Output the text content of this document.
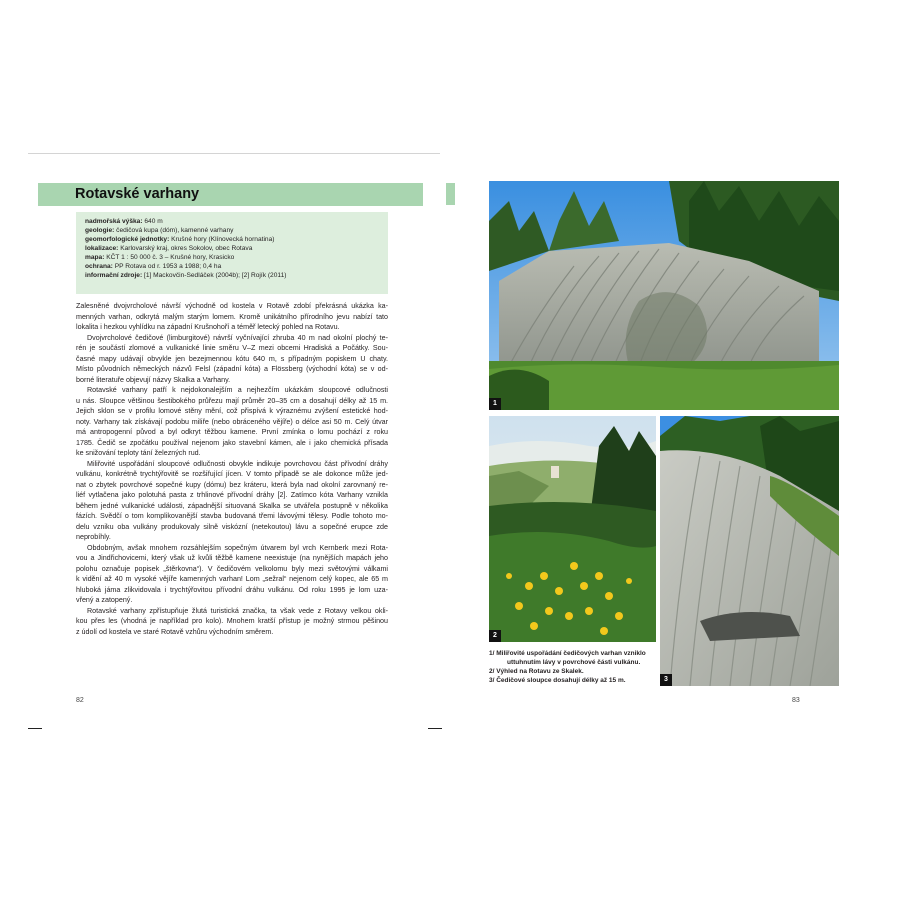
Rotavské varhany
nadmořská výška: 640 m
geologie: čedičová kupa (dóm), kamenné varhany
geomorfologické jednotky: Krušné hory (Klínovecká hornatina)
lokalizace: Karlovarský kraj, okres Sokolov, obec Rotava
mapa: KČT 1 : 50 000 č. 3 – Krušné hory, Krasicko
ochrana: PP Rotava od r. 1953 a 1988; 0,4 ha
informační zdroje: [1] Mackovčin-Sedláček (2004b); [2] Rojík (2011)
Zalesněné dvojvrcholové návrší východně od kostela v Rotavě zdobí překrásná ukázka ka-
menných varhan, odkrytá malým starým lomem. Kromě unikátního přírodního jevu nabízí tato
lokalita i hezkou vyhlídku na západní Krušnohoří a téměř letecký pohled na Rotavu.
Dvojvrcholové čedičové (limburgitové) návrší vyčnívající zhruba 40 m nad okolní plochý te-
rén je součástí zlomové a vulkanické linie směru V–Z mezi obcemi Hradiská a Počátky. Sou-
časné mapy udávají obvykle jen bezejmennou kótu 640 m, s případným popiskem U chaty.
Místo původních německých názvů Felsl (západní kóta) a Flössberg (východní kóta) se v od-
borné literatuře objevují názvy Skalka a Varhany.
Rotavské varhany patří k nejdokonalejším a nejhezčím ukázkám sloupcové odlučnosti
u nás. Sloupce většinou šestibokého průřezu mají průměr 20–35 cm a dosahují délky až 15 m.
Jejich sklon se v profilu lomové stěny mění, což přispívá k výraznému zvýšení estetické hod-
noty. Varhany tak získávají podobu miliře (nebo obráceného vějíře) o délce asi 50 m. Celý útvar
má antropogenní původ a byl odkryt těžbou kamene. První zmínka o lomu pochází z roku
1785. Čedič se zpočátku používal nejenom jako stavební kámen, ale i jako chemická přísada
ke snižování teploty tání železných rud.
Miliřovité uspořádání sloupcové odlučnosti obvykle indikuje povrchovou část přívodní dráhy
vulkánu, konkrétně trychtýřovitě se rozšiřující jícen. V tomto případě se ale dokonce může jed-
nat o zbytek povrchové sopečné kupy (dómu) bez kráteru, která byla nad okolní zarovnaný re-
liéf vytlačena jako polotuhá pasta z trhlinové přívodní dráhy [2]. Zatímco kóta Varhany vznikla
během jedné vulkanické události, západnější situovaná Skalka se utvářela postupně v několika
fázích. Svědčí o tom komplikovanější stavba budovaná třemi lávovými tělesy. Podle tohoto mo-
delu vzniku oba vulkány produkovaly silně viskózní (netekoutou) lávu a sopečné erupce zde
neprobíhly.
Obdobným, avšak mnohem rozsáhlejším sopečným útvarem byl vrch Kernberk mezi Rota-
vou a Jindřichovicemi, který však už kvůli těžbě kamene neexistuje (na nynějších mapách jeho
polohu označuje popisek „štěrkovna“). V čedičovém velkolomu byly mezi světovými válkami
k vidění až 40 m vysoké vějíře kamenných varhan! Lom „sežral“ nejenom celý kopec, ale 65 m
hluboká jáma zlikvidovala i trychtýřovitou přívodní dráhu vulkánu. Od roku 1995 je lom uza-
vřený a zatopený.
Rotavské varhany zpřístupňuje žlutá turistická značka, ta však vede z Rotavy velkou okli-
kou přes les (vhodná je například pro kolo). Mnohem kratší přístup je možný strmou pěšinou
z údolí od kostela ve staré Rotavě vzhůru východním směrem.
82	83
1
2
3
1/ Miliřovité uspořádání čedičových varhan vzniklo
uttuhnutím lávy v povrchové části vulkánu.
2/ Výhled na Rotavu ze Skalek.
3/ Čedičové sloupce dosahují délky až 15 m.
